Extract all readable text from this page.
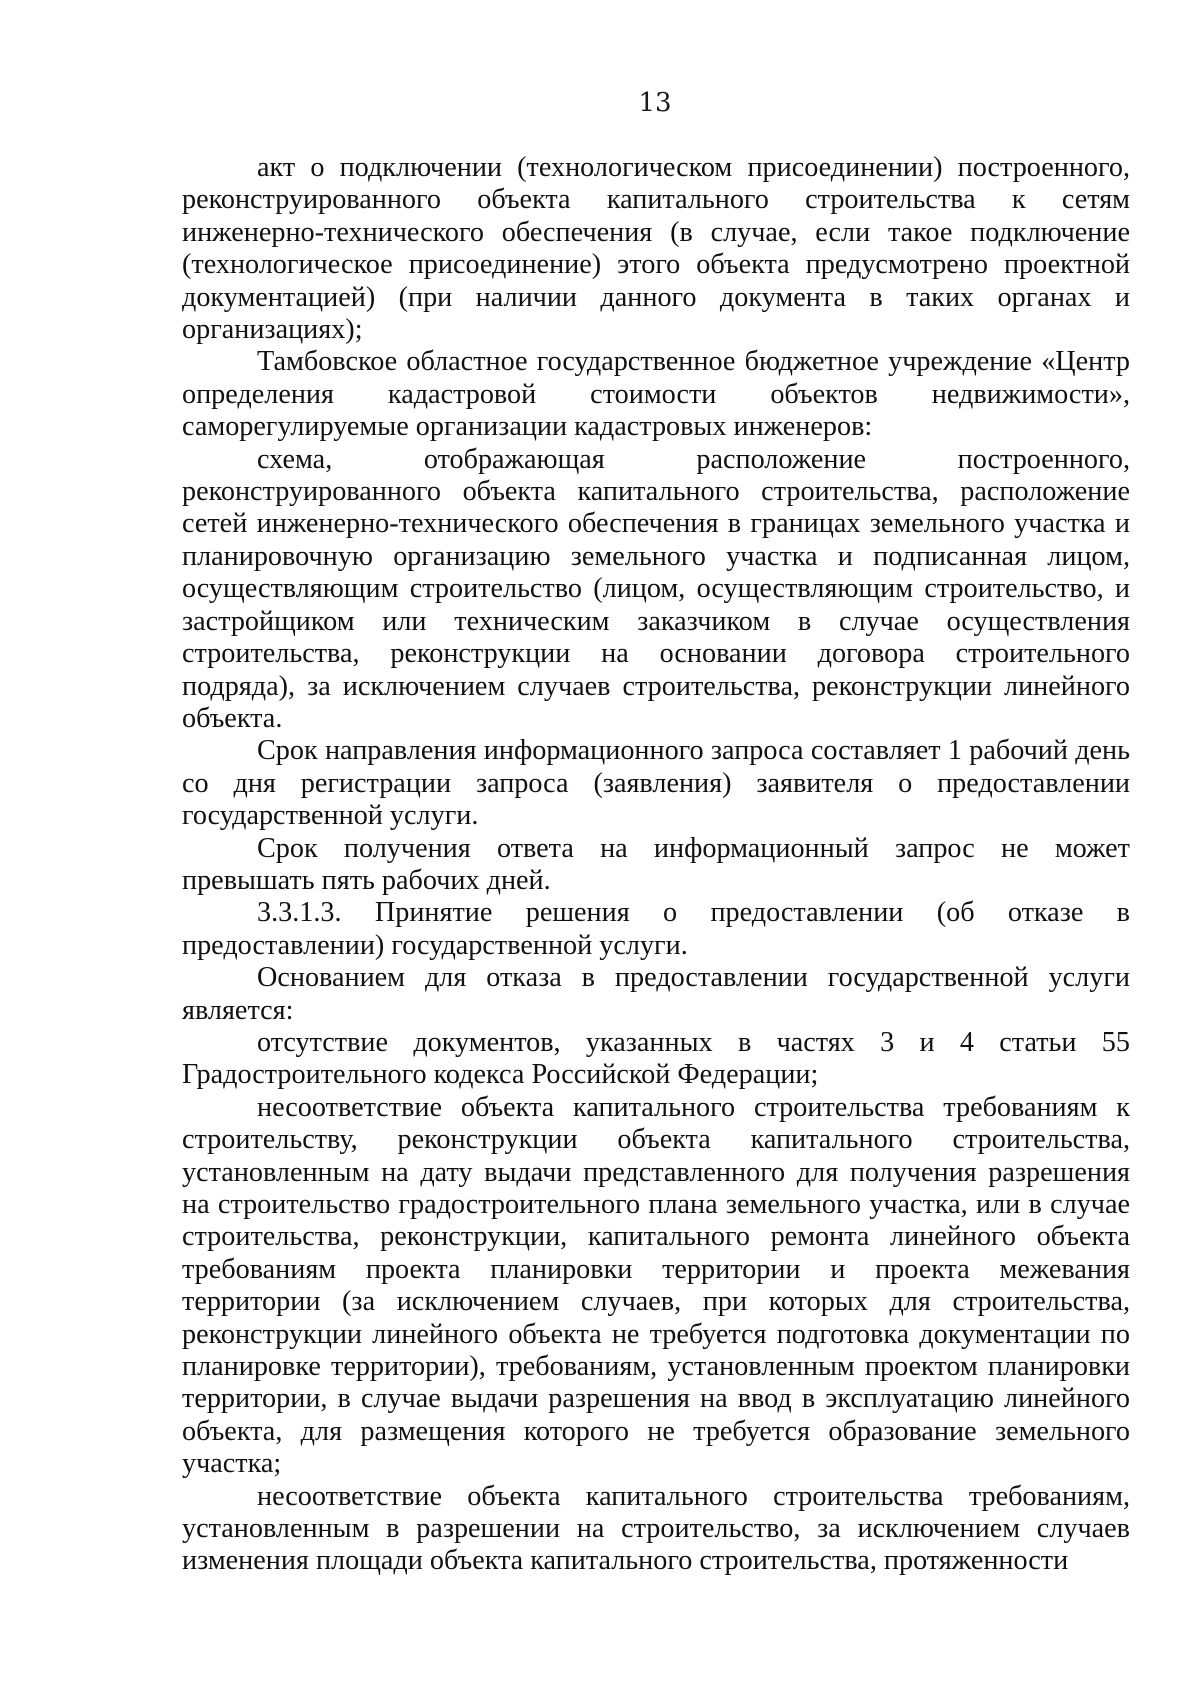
13

акт о подключении (технологическом присоединении) построенного, реконструированного объекта капитального строительства к сетям инженерно-технического обеспечения (в случае, если такое подключение (технологическое присоединение) этого объекта предусмотрено проектной документацией) (при наличии данного документа в таких органах и организациях);

Тамбовское областное государственное бюджетное учреждение «Центр определения кадастровой стоимости объектов недвижимости», саморегулируемые организации кадастровых инженеров:

схема, отображающая расположение построенного, реконструированного объекта капитального строительства, расположение сетей инженерно-технического обеспечения в границах земельного участка и планировочную организацию земельного участка и подписанная лицом, осуществляющим строительство (лицом, осуществляющим строительство, и застройщиком или техническим заказчиком в случае осуществления строительства, реконструкции на основании договора строительного подряда), за исключением случаев строительства, реконструкции линейного объекта.

Срок направления информационного запроса составляет 1 рабочий день со дня регистрации запроса (заявления) заявителя о предоставлении государственной услуги.

Срок получения ответа на информационный запрос не может превышать пять рабочих дней.

3.3.1.3. Принятие решения о предоставлении (об отказе в предоставлении) государственной услуги.

Основанием для отказа в предоставлении государственной услуги является:

отсутствие документов, указанных в частях 3 и 4 статьи 55 Градостроительного кодекса Российской Федерации;

несоответствие объекта капитального строительства требованиям к строительству, реконструкции объекта капитального строительства, установленным на дату выдачи представленного для получения разрешения на строительство градостроительного плана земельного участка, или в случае строительства, реконструкции, капитального ремонта линейного объекта требованиям проекта планировки территории и проекта межевания территории (за исключением случаев, при которых для строительства, реконструкции линейного объекта не требуется подготовка документации по планировке территории), требованиям, установленным проектом планировки территории, в случае выдачи разрешения на ввод в эксплуатацию линейного объекта, для размещения которого не требуется образование земельного участка;

несоответствие объекта капитального строительства требованиям, установленным в разрешении на строительство, за исключением случаев изменения площади объекта капитального строительства, протяженности
